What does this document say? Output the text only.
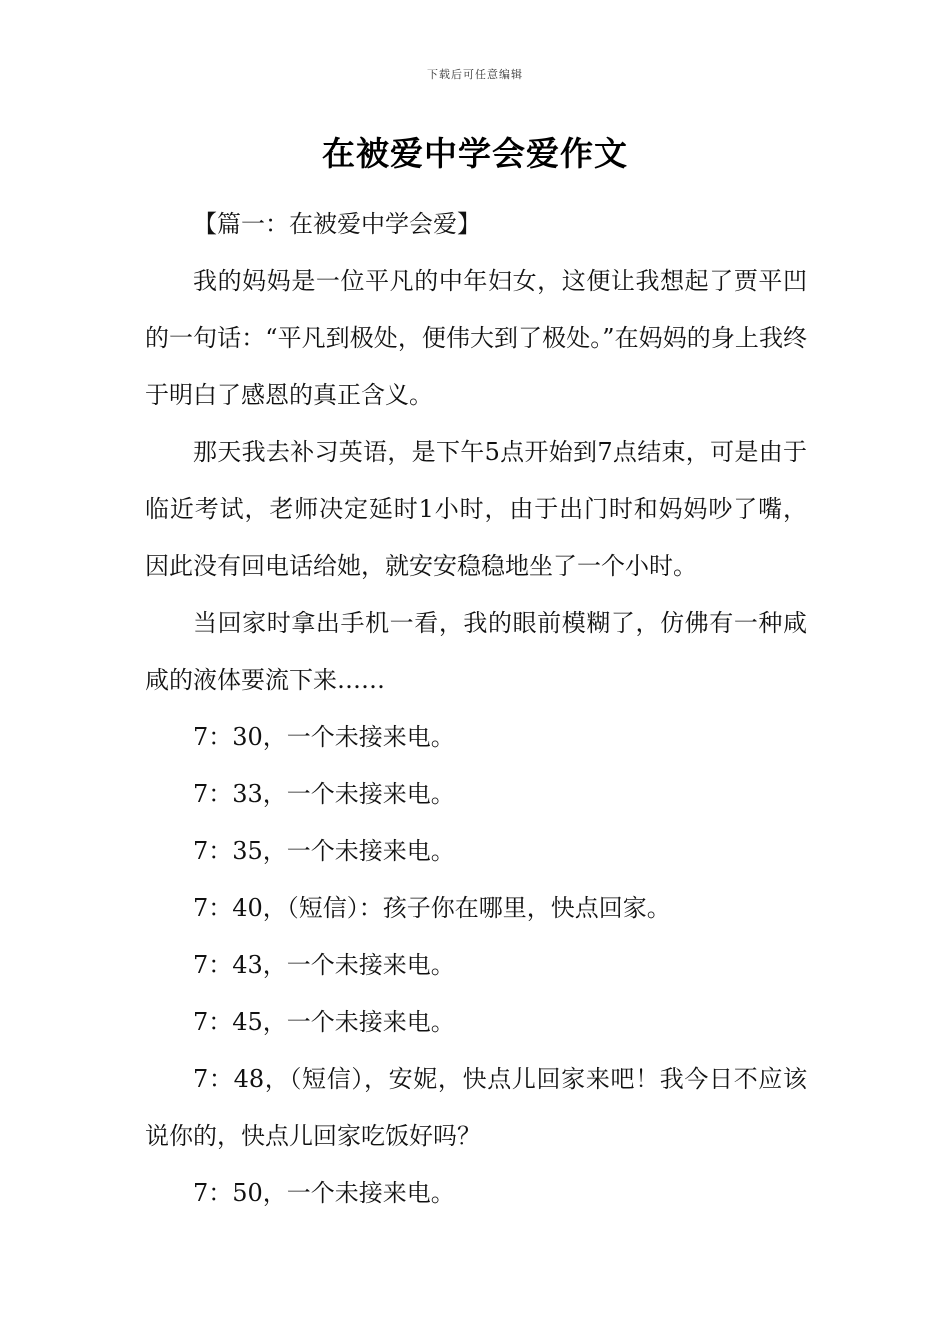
下载后可任意编辑
在被爱中学会爱作文

【篇一：在被爱中学会爱】

我的妈妈是一位平凡的中年妇女，这便让我想起了贾平凹的一句话：“平凡到极处，便伟大到了极处。”在妈妈的身上我终于明白了感恩的真正含义。

那天我去补习英语，是下午5点开始到7点结束，可是由于临近考试，老师决定延时1小时，由于出门时和妈妈吵了嘴，因此没有回电话给她，就安安稳稳地坐了一个小时。

当回家时拿出手机一看，我的眼前模糊了，仿佛有一种咸咸的液体要流下来……

7：30，一个未接来电。

7：33，一个未接来电。

7：35，一个未接来电。

7：40，（短信）：孩子你在哪里，快点回家。

7：43，一个未接来电。

7：45，一个未接来电。

7：48，（短信），安妮，快点儿回家来吧！我今日不应该说你的，快点儿回家吃饭好吗？

7：50，一个未接来电。
